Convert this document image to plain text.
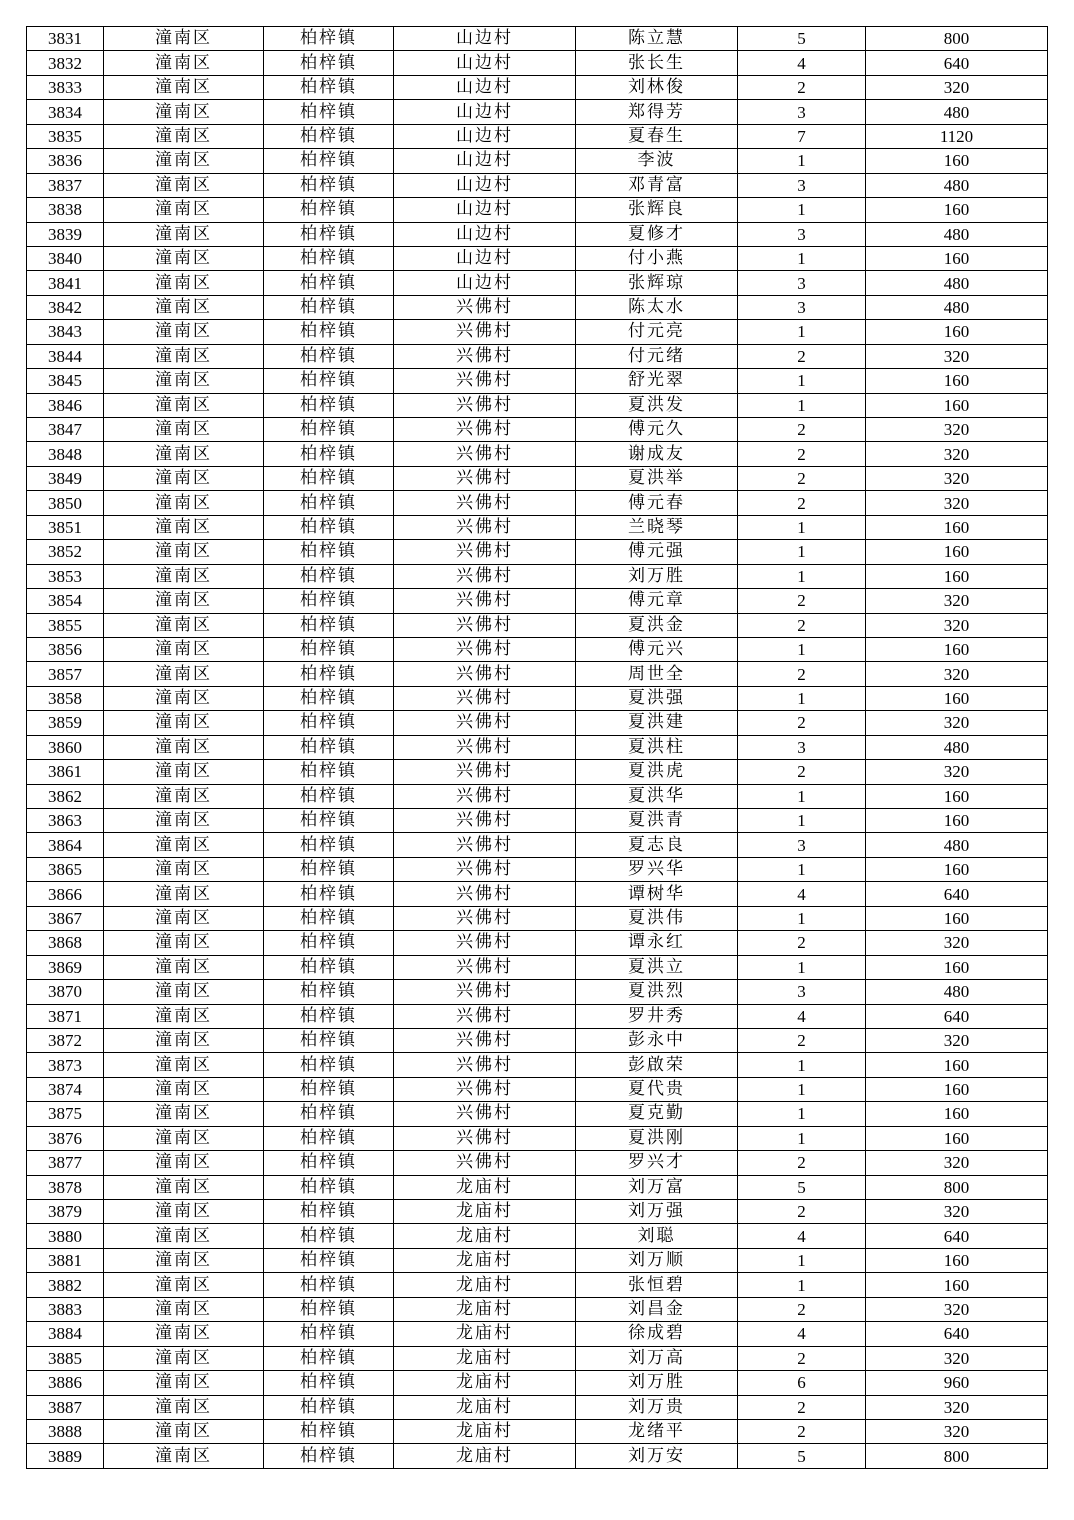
3831	潼南区	柏梓镇	山边村	陈立慧	5	800
3832	潼南区	柏梓镇	山边村	张长生	4	640
3833	潼南区	柏梓镇	山边村	刘林俊	2	320
3834	潼南区	柏梓镇	山边村	郑得芳	3	480
3835	潼南区	柏梓镇	山边村	夏春生	7	1120
3836	潼南区	柏梓镇	山边村	李波	1	160
3837	潼南区	柏梓镇	山边村	邓青富	3	480
3838	潼南区	柏梓镇	山边村	张辉良	1	160
3839	潼南区	柏梓镇	山边村	夏修才	3	480
3840	潼南区	柏梓镇	山边村	付小燕	1	160
3841	潼南区	柏梓镇	山边村	张辉琼	3	480
3842	潼南区	柏梓镇	兴佛村	陈太水	3	480
3843	潼南区	柏梓镇	兴佛村	付元亮	1	160
3844	潼南区	柏梓镇	兴佛村	付元绪	2	320
3845	潼南区	柏梓镇	兴佛村	舒光翠	1	160
3846	潼南区	柏梓镇	兴佛村	夏洪发	1	160
3847	潼南区	柏梓镇	兴佛村	傅元久	2	320
3848	潼南区	柏梓镇	兴佛村	谢成友	2	320
3849	潼南区	柏梓镇	兴佛村	夏洪举	2	320
3850	潼南区	柏梓镇	兴佛村	傅元春	2	320
3851	潼南区	柏梓镇	兴佛村	兰晓琴	1	160
3852	潼南区	柏梓镇	兴佛村	傅元强	1	160
3853	潼南区	柏梓镇	兴佛村	刘万胜	1	160
3854	潼南区	柏梓镇	兴佛村	傅元章	2	320
3855	潼南区	柏梓镇	兴佛村	夏洪金	2	320
3856	潼南区	柏梓镇	兴佛村	傅元兴	1	160
3857	潼南区	柏梓镇	兴佛村	周世全	2	320
3858	潼南区	柏梓镇	兴佛村	夏洪强	1	160
3859	潼南区	柏梓镇	兴佛村	夏洪建	2	320
3860	潼南区	柏梓镇	兴佛村	夏洪柱	3	480
3861	潼南区	柏梓镇	兴佛村	夏洪虎	2	320
3862	潼南区	柏梓镇	兴佛村	夏洪华	1	160
3863	潼南区	柏梓镇	兴佛村	夏洪青	1	160
3864	潼南区	柏梓镇	兴佛村	夏志良	3	480
3865	潼南区	柏梓镇	兴佛村	罗兴华	1	160
3866	潼南区	柏梓镇	兴佛村	谭树华	4	640
3867	潼南区	柏梓镇	兴佛村	夏洪伟	1	160
3868	潼南区	柏梓镇	兴佛村	谭永红	2	320
3869	潼南区	柏梓镇	兴佛村	夏洪立	1	160
3870	潼南区	柏梓镇	兴佛村	夏洪烈	3	480
3871	潼南区	柏梓镇	兴佛村	罗井秀	4	640
3872	潼南区	柏梓镇	兴佛村	彭永中	2	320
3873	潼南区	柏梓镇	兴佛村	彭啟荣	1	160
3874	潼南区	柏梓镇	兴佛村	夏代贵	1	160
3875	潼南区	柏梓镇	兴佛村	夏克勤	1	160
3876	潼南区	柏梓镇	兴佛村	夏洪刚	1	160
3877	潼南区	柏梓镇	兴佛村	罗兴才	2	320
3878	潼南区	柏梓镇	龙庙村	刘万富	5	800
3879	潼南区	柏梓镇	龙庙村	刘万强	2	320
3880	潼南区	柏梓镇	龙庙村	刘聪	4	640
3881	潼南区	柏梓镇	龙庙村	刘万顺	1	160
3882	潼南区	柏梓镇	龙庙村	张恒碧	1	160
3883	潼南区	柏梓镇	龙庙村	刘昌金	2	320
3884	潼南区	柏梓镇	龙庙村	徐成碧	4	640
3885	潼南区	柏梓镇	龙庙村	刘万高	2	320
3886	潼南区	柏梓镇	龙庙村	刘万胜	6	960
3887	潼南区	柏梓镇	龙庙村	刘万贵	2	320
3888	潼南区	柏梓镇	龙庙村	龙绪平	2	320
3889	潼南区	柏梓镇	龙庙村	刘万安	5	800
